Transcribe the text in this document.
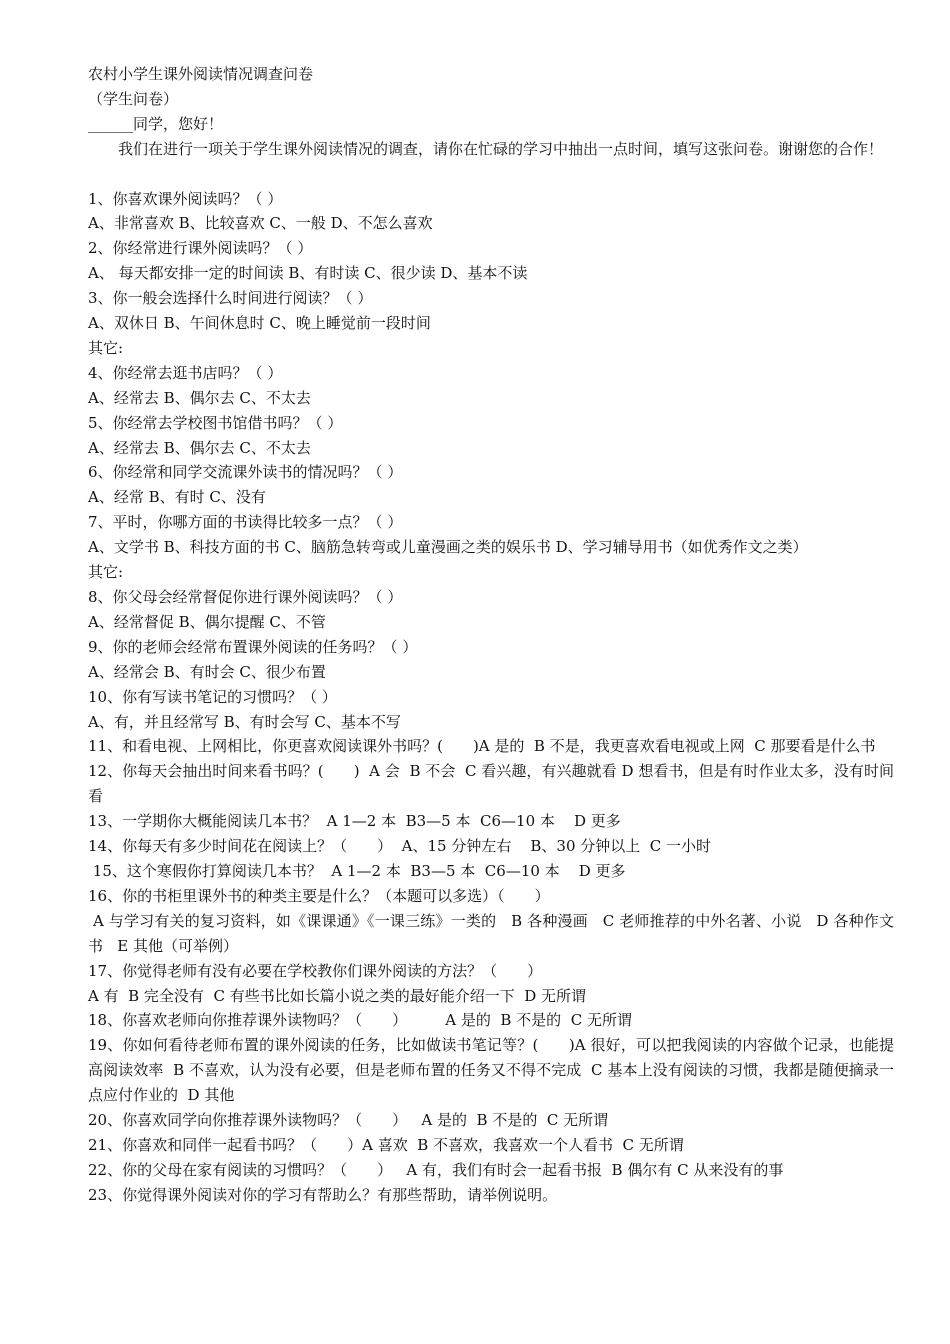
农村小学生课外阅读情况调查问卷

（学生问卷）

______同学，您好！

我们在进行一项关于学生课外阅读情况的调查，请你在忙碌的学习中抽出一点时间，填写这张问卷。谢谢您的合作！

1、你喜欢课外阅读吗？（ ）

A、非常喜欢 B、比较喜欢 C、一般 D、不怎么喜欢

2、你经常进行课外阅读吗？（ ）

A、 每天都安排一定的时间读 B、有时读 C、很少读 D、基本不读

3、你一般会选择什么时间进行阅读？（ ）

A、双休日 B、午间休息时 C、晚上睡觉前一段时间

其它:

4、你经常去逛书店吗？（ ）

A、经常去 B、偶尔去 C、不太去

5、你经常去学校图书馆借书吗？（ ）

A、经常去 B、偶尔去 C、不太去

6、你经常和同学交流课外读书的情况吗？（ ）

A、经常 B、有时 C、没有

7、平时，你哪方面的书读得比较多一点？（ ）

A、文学书 B、科技方面的书 C、脑筋急转弯或儿童漫画之类的娱乐书 D、学习辅导用书（如优秀作文之类）

其它:

8、你父母会经常督促你进行课外阅读吗？（ ）

A、经常督促 B、偶尔提醒 C、不管

9、你的老师会经常布置课外阅读的任务吗？（ ）

A、经常会 B、有时会 C、很少布置

10、你有写读书笔记的习惯吗？（ ）

A、有，并且经常写 B、有时会写 C、基本不写

11、和看电视、上网相比，你更喜欢阅读课外书吗？(　　)A 是的  B 不是，我更喜欢看电视或上网  C 那要看是什么书

12、你每天会抽出时间来看书吗？(　　)  A 会  B 不会  C 看兴趣，有兴趣就看 D 想看书，但是有时作业太多，没有时间看

13、一学期你大概能阅读几本书？  A 1—2 本  B3—5 本  C6—10 本    D 更多

14、你每天有多少时间花在阅读上？（　　）  A、15 分钟左右    B、30 分钟以上  C 一小时

15、这个寒假你打算阅读几本书？  A 1—2 本  B3—5 本  C6—10 本    D 更多

16、你的书柜里课外书的种类主要是什么？（本题可以多选）（　　）

A 与学习有关的复习资料，如《课课通》《一课三练》一类的   B 各种漫画   C 老师推荐的中外名著、小说   D 各种作文书   E 其他（可举例）

17、你觉得老师有没有必要在学校教你们课外阅读的方法？（　　）

A 有  B 完全没有  C 有些书比如长篇小说之类的最好能介绍一下  D 无所谓

18、你喜欢老师向你推荐课外读物吗？（　　）        A 是的  B 不是的  C 无所谓

19、你如何看待老师布置的课外阅读的任务，比如做读书笔记等？(　　)A 很好，可以把我阅读的内容做个记录，也能提高阅读效率  B 不喜欢，认为没有必要，但是老师布置的任务又不得不完成  C 基本上没有阅读的习惯，我都是随便摘录一点应付作业的  D 其他

20、你喜欢同学向你推荐课外读物吗？（　　）   A 是的  B 不是的  C 无所谓

21、你喜欢和同伴一起看书吗？（　　）A 喜欢  B 不喜欢，我喜欢一个人看书  C 无所谓

22、你的父母在家有阅读的习惯吗？（　　）   A 有，我们有时会一起看书报  B 偶尔有 C 从来没有的事

23、你觉得课外阅读对你的学习有帮助么？有那些帮助，请举例说明。
